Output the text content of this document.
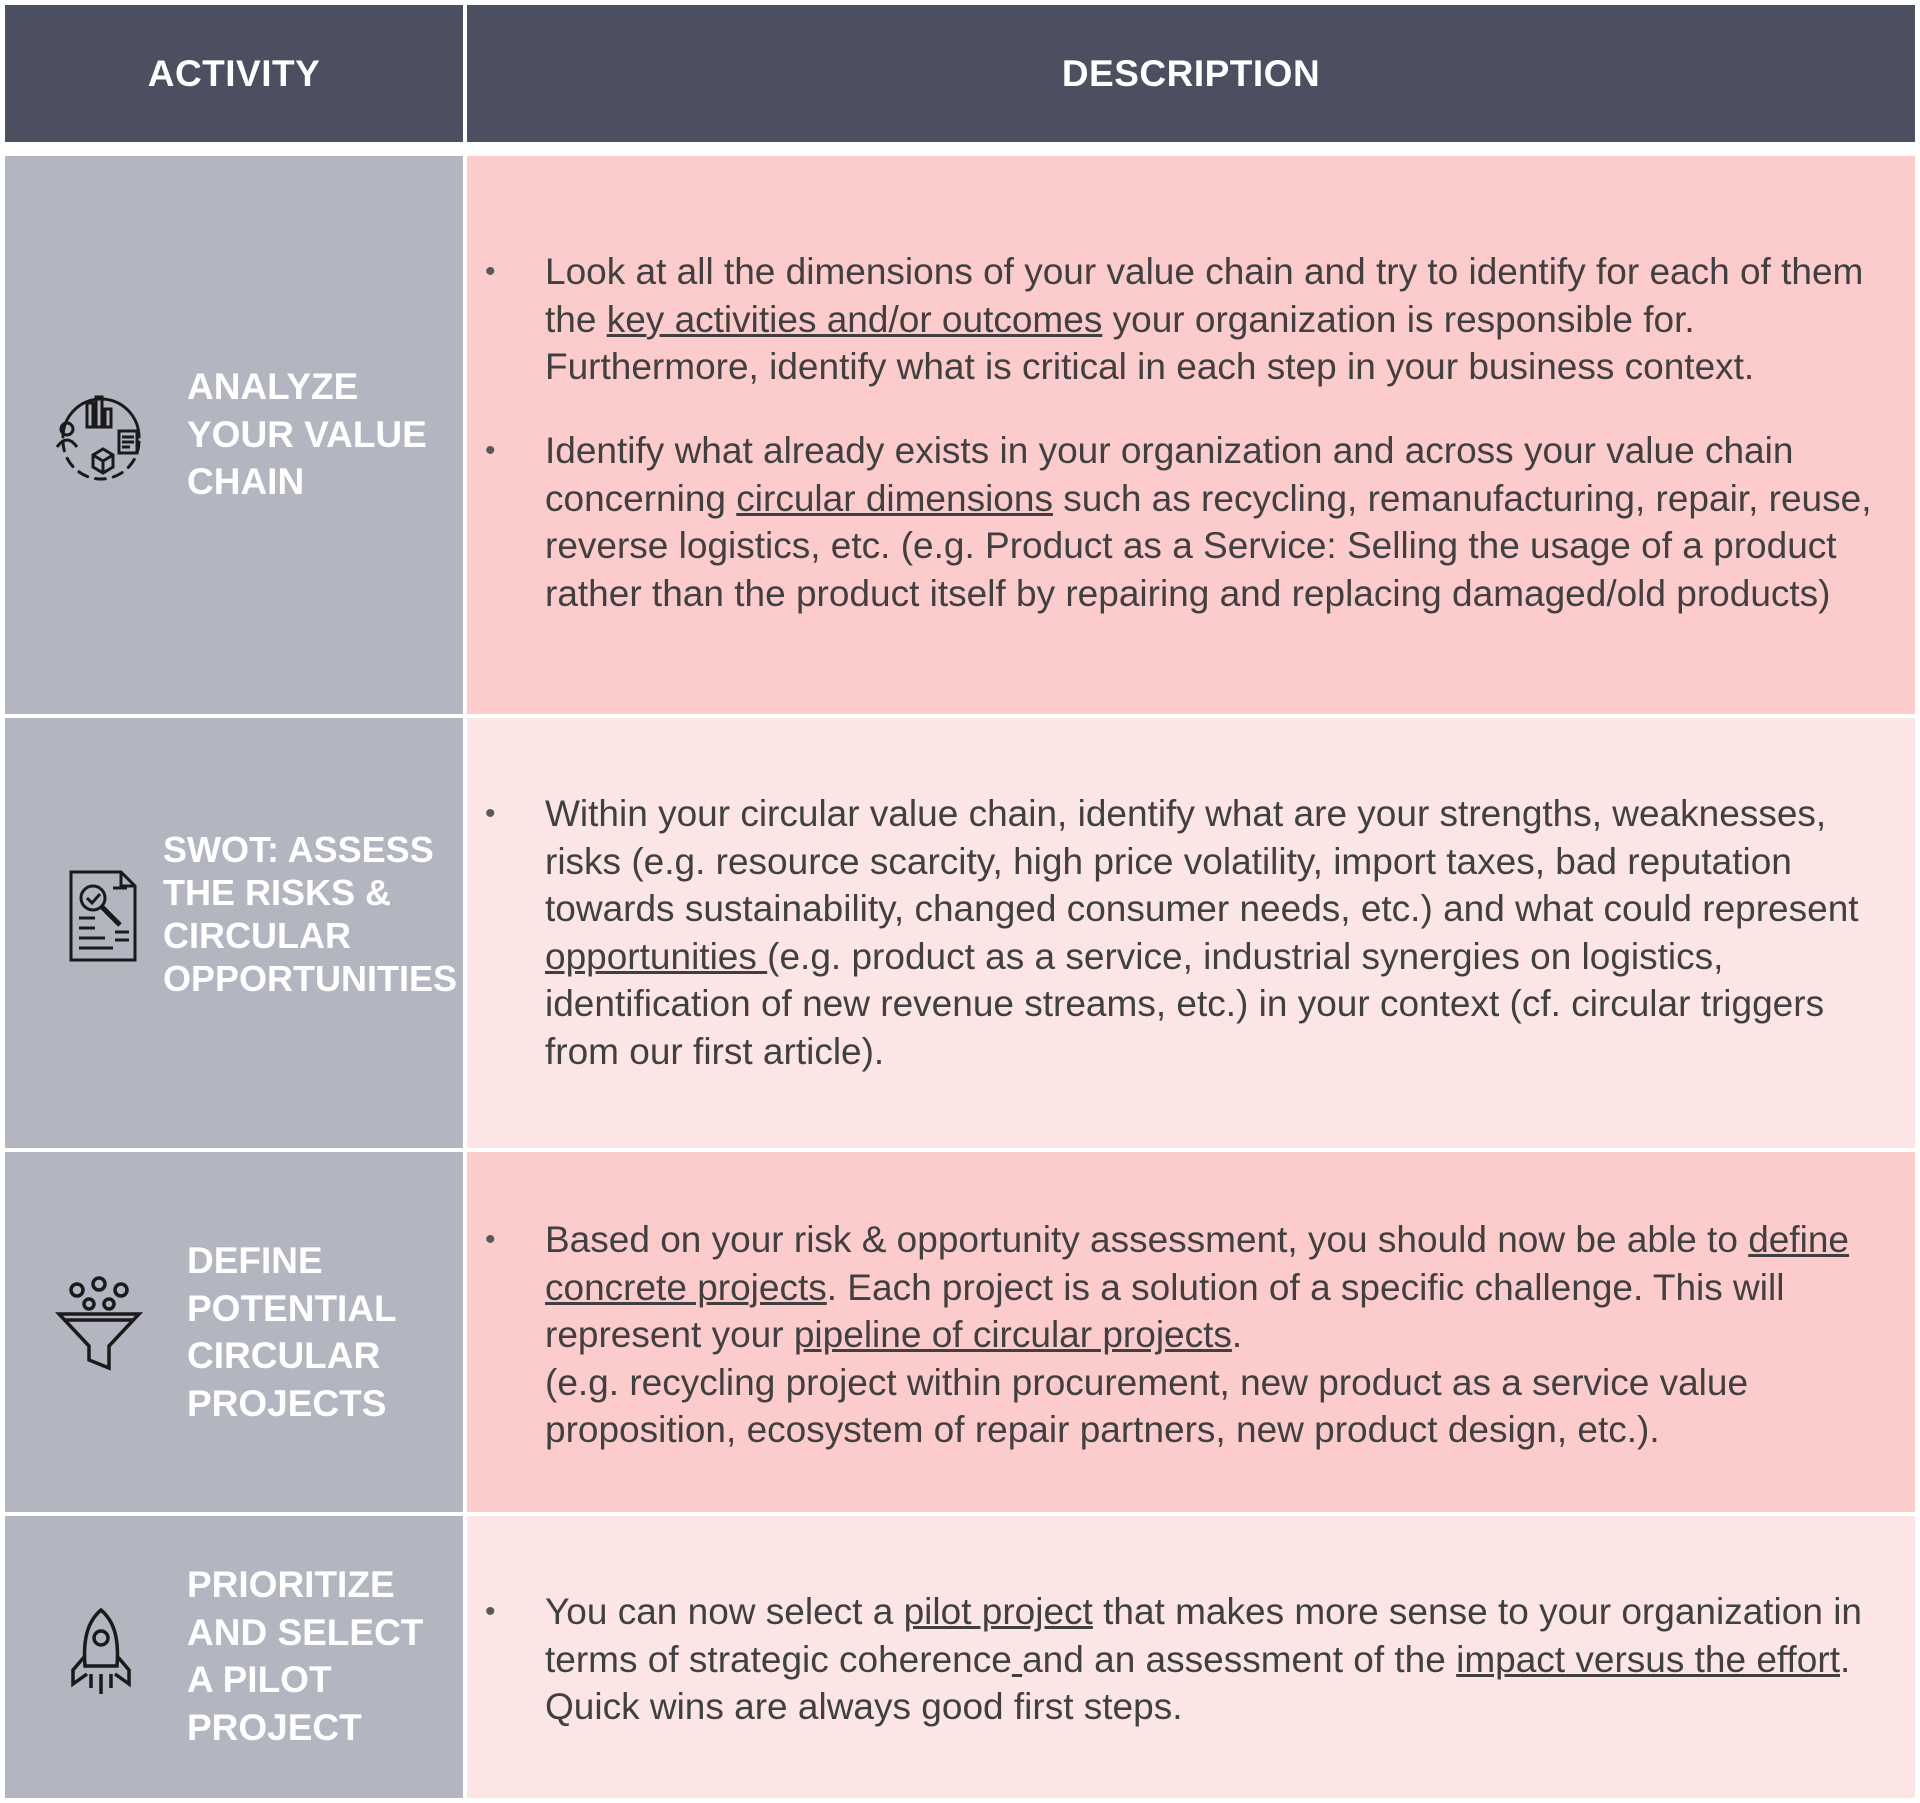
ACTIVITY	DESCRIPTION
ANALYZE
YOUR VALUE
CHAIN
• Look at all the dimensions of your value chain and try to identify for each of them
the key activities and/or outcomes your organization is responsible for.
Furthermore, identify what is critical in each step in your business context.
• Identify what already exists in your organization and across your value chain
concerning circular dimensions such as recycling, remanufacturing, repair, reuse,
reverse logistics, etc. (e.g. Product as a Service: Selling the usage of a product
rather than the product itself by repairing and replacing damaged/old products)
SWOT: ASSESS
THE RISKS &
CIRCULAR
OPPORTUNITIES
• Within your circular value chain, identify what are your strengths, weaknesses,
risks (e.g. resource scarcity, high price volatility, import taxes, bad reputation
towards sustainability, changed consumer needs, etc.) and what could represent
opportunities (e.g. product as a service, industrial synergies on logistics,
identification of new revenue streams, etc.) in your context (cf. circular triggers
from our first article).
DEFINE
POTENTIAL
CIRCULAR
PROJECTS
• Based on your risk & opportunity assessment, you should now be able to define
concrete projects. Each project is a solution of a specific challenge. This will
represent your pipeline of circular projects.
(e.g. recycling project within procurement, new product as a service value
proposition, ecosystem of repair partners, new product design, etc.).
PRIORITIZE
AND SELECT
A PILOT
PROJECT
• You can now select a pilot project that makes more sense to your organization in
terms of strategic coherence and an assessment of the impact versus the effort.
Quick wins are always good first steps.
